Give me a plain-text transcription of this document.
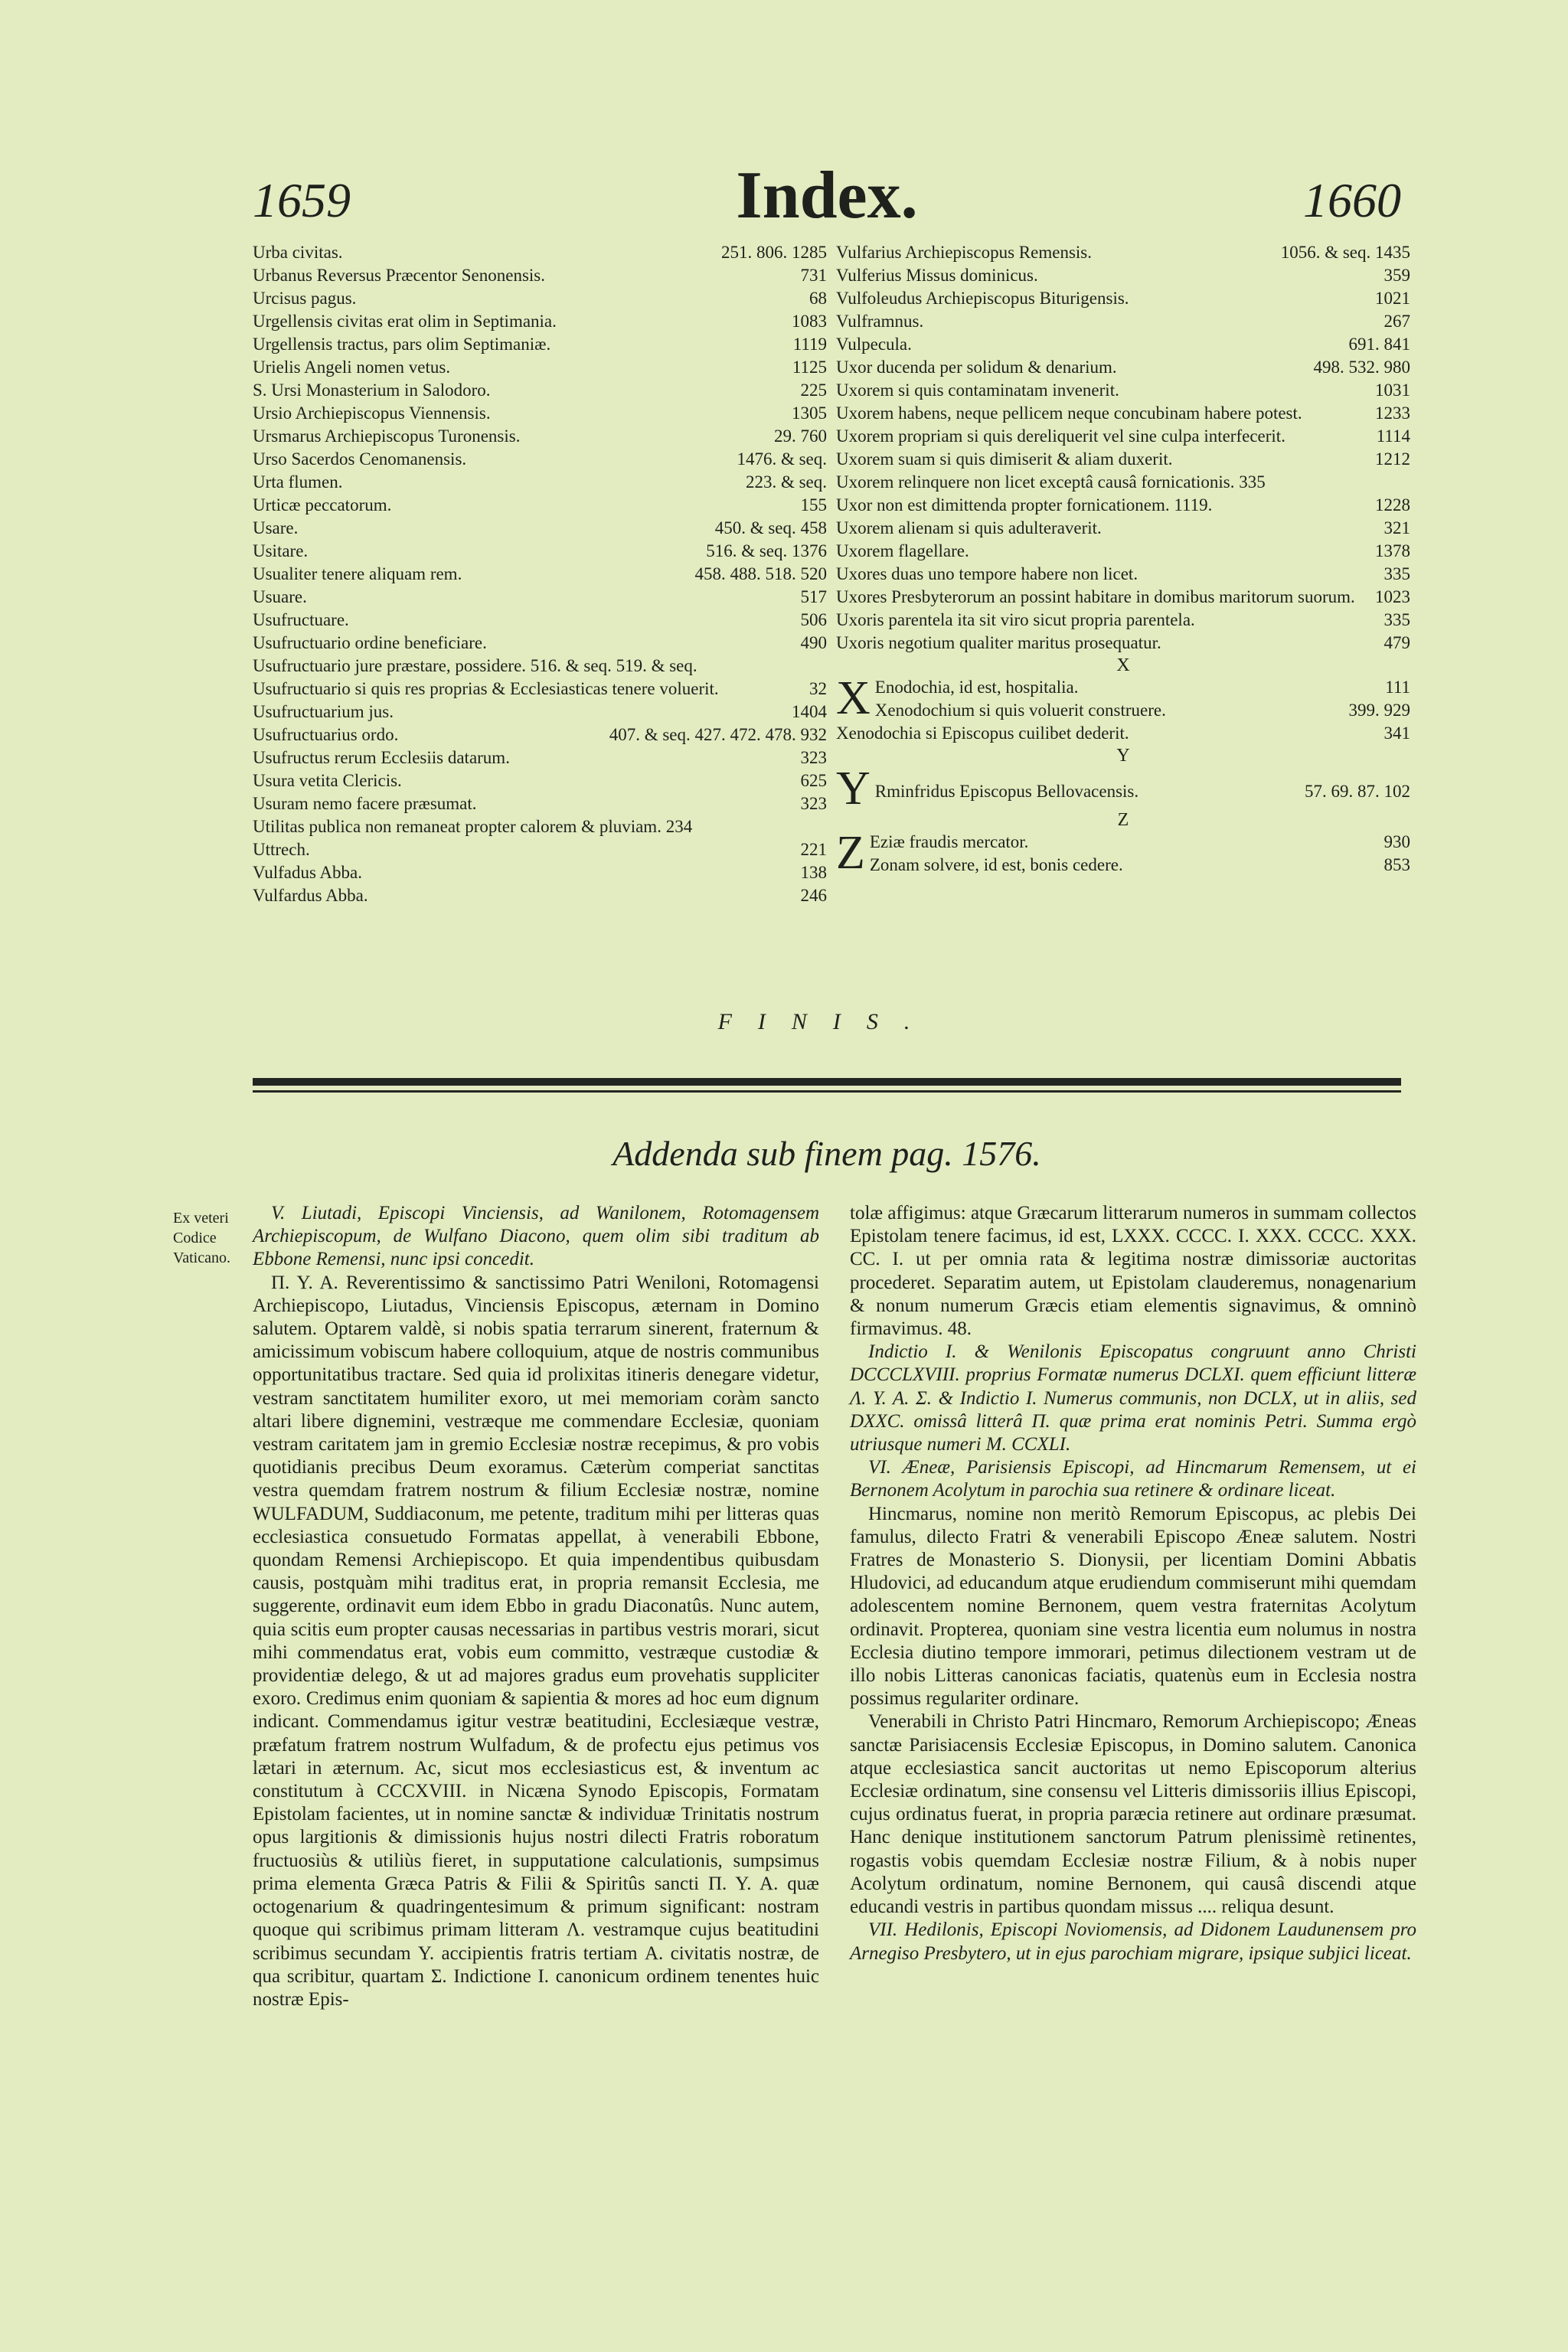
1659	Index.	1660
Urba civitas.	251. 806. 1285
Urbanus Reversus Præcentor Senonensis.	731
Urcisus pagus.	68
Urgellensis civitas erat olim in Septimania.	1083
Urgellensis tractus, pars olim Septimaniæ.	1119
Urielis Angeli nomen vetus.	1125
S. Ursi Monasterium in Salodoro.	225
Ursio Archiepiscopus Viennensis.	1305
Ursmarus Archiepiscopus Turonensis.	29. 760
Urso Sacerdos Cenomanensis.	1476. & seq.
Urta flumen.	223. & seq.
Urticæ peccatorum.	155
Usare.	450. & seq. 458
Usitare.	516. & seq. 1376
Usualiter tenere aliquam rem.	458. 488. 518. 520
Usuare.	517
Usufructuare.	506
Usufructuario ordine beneficiare.	490
Usufructuario jure præstare, possidere. 516. & seq. 519. & seq.
Usufructuario si quis res proprias & Ecclesiasticas tenere voluerit.	32
Usufructuarium jus.	1404
Usufructuarius ordo.	407. & seq. 427. 472. 478. 932
Usufructus rerum Ecclesiis datarum.	323
Usura vetita Clericis.	625
Usuram nemo facere præsumat.	323
Utilitas publica non remaneat propter calorem & pluviam. 234
Uttrech.	221
Vulfadus Abba.	138
Vulfardus Abba.	246
Vulfarius Archiepiscopus Remensis.	1056. & seq. 1435
Vulferius Missus dominicus.	359
Vulfoleudus Archiepiscopus Biturigensis.	1021
Vulframnus.	267
Vulpecula.	691. 841
Uxor ducenda per solidum & denarium.	498. 532. 980
Uxorem si quis contaminatam invenerit.	1031
Uxorem habens, neque pellicem neque concubinam habere potest.	1233
Uxorem propriam si quis dereliquerit vel sine culpa interfecerit.	1114
Uxorem suam si quis dimiserit & aliam duxerit.	1212
Uxorem relinquere non licet exceptâ causâ fornicationis. 335
Uxor non est dimittenda propter fornicationem. 1119.	1228
Uxorem alienam si quis adulteraverit.	321
Uxorem flagellare.	1378
Uxores duas uno tempore habere non licet.	335
Uxores Presbyterorum an possint habitare in domibus maritorum suorum.	1023
Uxoris parentela ita sit viro sicut propria parentela.	335
Uxoris negotium qualiter maritus prosequatur.	479
X
X Enodochia, id est, hospitalia.	111
Xenodochium si quis voluerit construere.	399. 929
Xenodochia si Episcopus cuilibet dederit.	341
Y
Y Rminfridus Episcopus Bellovacensis.	57. 69. 87. 102
Z
Z Eziæ fraudis mercator.	930
Zonam solvere, id est, bonis cedere.	853
FINIS.
Addenda sub finem pag. 1576.
Ex veteri Codice Vaticano.

V. Liutadi, Episcopi Vinciensis, ad Wanilonem, Rotomagensem Archiepiscopum, de Wulfano Diacono, quem olim sibi traditum ab Ebbone Remensi, nunc ipsi concedit.

Π. Υ. Α. Reverentissimo & sanctissimo Patri Weniloni, Rotomagensi Archiepiscopo, Liutadus, Vinciensis Episcopus, æternam in Domino salutem. Optarem valdè, si nobis spatia terrarum sinerent, fraternum & amicissimum vobiscum habere colloquium, atque de nostris communibus opportunitatibus tractare. Sed quia id prolixitas itineris denegare videtur, vestram sanctitatem humiliter exoro, ut mei memoriam coràm sancto altari libere dignemini, vestræque me commendare Ecclesiæ, quoniam vestram caritatem jam in gremio Ecclesiæ nostræ recepimus, & pro vobis quotidianis precibus Deum exoramus. Cæterùm comperiat sanctitas vestra quemdam fratrem nostrum & filium Ecclesiæ nostræ, nomine WULFADUM, Suddiaconum, me petente, traditum mihi per litteras quas ecclesiastica consuetudo Formatas appellat, à venerabili Ebbone, quondam Remensi Archiepiscopo. Et quia impendentibus quibusdam causis, postquàm mihi traditus erat, in propria remansit Ecclesia, me suggerente, ordinavit eum idem Ebbo in gradu Diaconatûs. Nunc autem, quia scitis eum propter causas necessarias in partibus vestris morari, sicut mihi commendatus erat, vobis eum committo, vestræque custodiæ & providentiæ delego, & ut ad majores gradus eum provehatis suppliciter exoro. Credimus enim quoniam & sapientia & mores ad hoc eum dignum indicant. Commendamus igitur vestræ beatitudini, Ecclesiæque vestræ, præfatum fratrem nostrum Wulfadum, & de profectu ejus petimus vos lætari in æternum. Ac, sicut mos ecclesiasticus est, & inventum ac constitutum à CCCXVIII. in Nicæna Synodo Episcopis, Formatam Epistolam facientes, ut in nomine sanctæ & individuæ Trinitatis nostrum opus largitionis & dimissionis hujus nostri dilecti Fratris roboratum fructuosiùs & utiliùs fieret, in supputatione calculationis, sumpsimus prima elementa Græca Patris & Filii & Spiritûs sancti Π. Υ. Α. quæ octogenarium & quadringentesimum & primum significant: nostram quoque qui scribimus primam litteram Λ. vestramque cujus beatitudini scribimus secundam Υ. accipientis fratris tertiam Α. civitatis nostræ, de qua scribitur, quartam Σ. Indictione I. canonicum ordinem tenentes huic nostræ Epis-

tolæ affigimus: atque Græcarum litterarum numeros in summam collectos Epistolam tenere facimus, id est, LXXX. CCCC. I. XXX. CCCC. XXX. CC. I. ut per omnia rata & legitima nostræ dimissoriæ auctoritas procederet. Separatim autem, ut Epistolam clauderemus, nonagenarium & nonum numerum Græcis etiam elementis signavimus, & omninò firmavimus. 48.

Indictio I. & Wenilonis Episcopatus congruunt anno Christi DCCCLXVIII. proprius Formatæ numerus DCLXI. quem efficiunt litteræ Λ. Υ. Α. Σ. & Indictio I. Numerus communis, non DCLX, ut in aliis, sed DXXC. omissâ litterâ Π. quæ prima erat nominis Petri. Summa ergò utriusque numeri M. CCXLI.

VI. Æneæ, Parisiensis Episcopi, ad Hincmarum Remensem, ut ei Bernonem Acolytum in parochia sua retinere & ordinare liceat.

Hincmarus, nomine non meritò Remorum Episcopus, ac plebis Dei famulus, dilecto Fratri & venerabili Episcopo Æneæ salutem. Nostri Fratres de Monasterio S. Dionysii, per licentiam Domini Abbatis Hludovici, ad educandum atque erudiendum commiserunt mihi quemdam adolescentem nomine Bernonem, quem vestra fraternitas Acolytum ordinavit. Propterea, quoniam sine vestra licentia eum nolumus in nostra Ecclesia diutino tempore immorari, petimus dilectionem vestram ut de illo nobis Litteras canonicas faciatis, quatenùs eum in Ecclesia nostra possimus regulariter ordinare.

Venerabili in Christo Patri Hincmaro, Remorum Archiepiscopo; Æneas sanctæ Parisiacensis Ecclesiæ Episcopus, in Domino salutem. Canonica atque ecclesiastica sancit auctoritas ut nemo Episcoporum alterius Ecclesiæ ordinatum, sine consensu vel Litteris dimissoriis illius Episcopi, cujus ordinatus fuerat, in propria paræcia retinere aut ordinare præsumat. Hanc denique institutionem sanctorum Patrum plenissimè retinentes, rogastis vobis quemdam Ecclesiæ nostræ Filium, & à nobis nuper Acolytum ordinatum, nomine Bernonem, qui causâ discendi atque educandi vestris in partibus quondam missus .... reliqua desunt.

VII. Hedilonis, Episcopi Noviomensis, ad Didonem Laudunensem pro Arnegiso Presbytero, ut in ejus parochiam migrare, ipsique subjici liceat.
